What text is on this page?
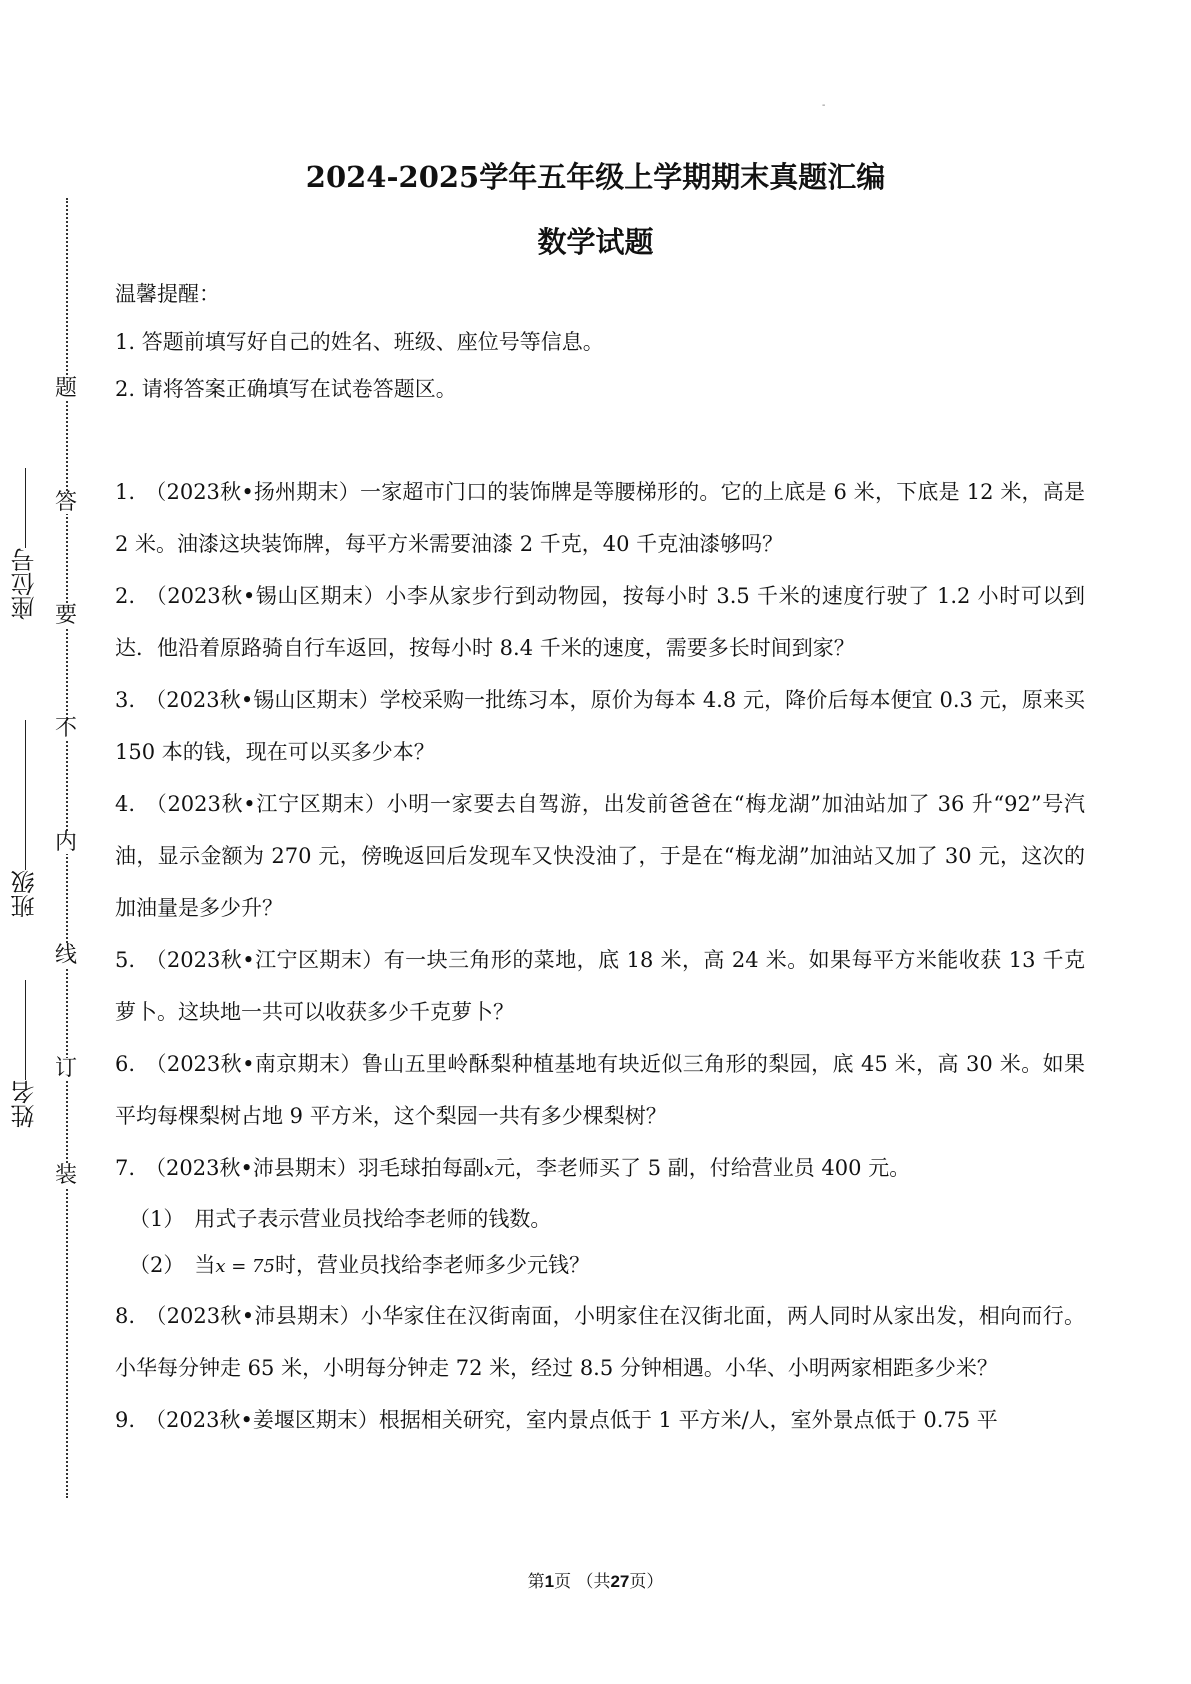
装
订
线
内
不
要
答
题
座位号
班级
姓名
-
2024-2025学年五年级上学期期末真题汇编
数学试题
温馨提醒：
1. 答题前填写好自己的姓名、班级、座位号等信息。
2. 请将答案正确填写在试卷答题区。

1. （2023秋•扬州期末）一家超市门口的装饰牌是等腰梯形的。它的上底是 6 米，下底是 12 米，高是 2 米。油漆这块装饰牌，每平方米需要油漆 2 千克，40 千克油漆够吗？

2. （2023秋•锡山区期末）小李从家步行到动物园，按每小时 3.5 千米的速度行驶了 1.2 小时可以到达．他沿着原路骑自行车返回，按每小时 8.4 千米的速度，需要多长时间到家？

3. （2023秋•锡山区期末）学校采购一批练习本，原价为每本 4.8 元，降价后每本便宜 0.3 元，原来买 150 本的钱，现在可以买多少本？

4. （2023秋•江宁区期末）小明一家要去自驾游，出发前爸爸在“梅龙湖”加油站加了 36 升“92”号汽油，显示金额为 270 元，傍晚返回后发现车又快没油了，于是在“梅龙湖”加油站又加了 30 元，这次的加油量是多少升？

5. （2023秋•江宁区期末）有一块三角形的菜地，底 18 米，高 24 米。如果每平方米能收获 13 千克萝卜。这块地一共可以收获多少千克萝卜？

6. （2023秋•南京期末）鲁山五里岭酥梨种植基地有块近似三角形的梨园，底 45 米，高 30 米。如果平均每棵梨树占地 9 平方米，这个梨园一共有多少棵梨树？

7. （2023秋•沛县期末）羽毛球拍每副x元，李老师买了 5 副，付给营业员 400 元。

（1） 用式子表示营业员找给李老师的钱数。

（2） 当x = 75时，营业员找给李老师多少元钱？

8. （2023秋•沛县期末）小华家住在汉街南面，小明家住在汉街北面，两人同时从家出发，相向而行。小华每分钟走 65 米，小明每分钟走 72 米，经过 8.5 分钟相遇。小华、小明两家相距多少米？

9. （2023秋•姜堰区期末）根据相关研究，室内景点低于 1 平方米/人，室外景点低于 0.75 平

第1页 （共27页）
